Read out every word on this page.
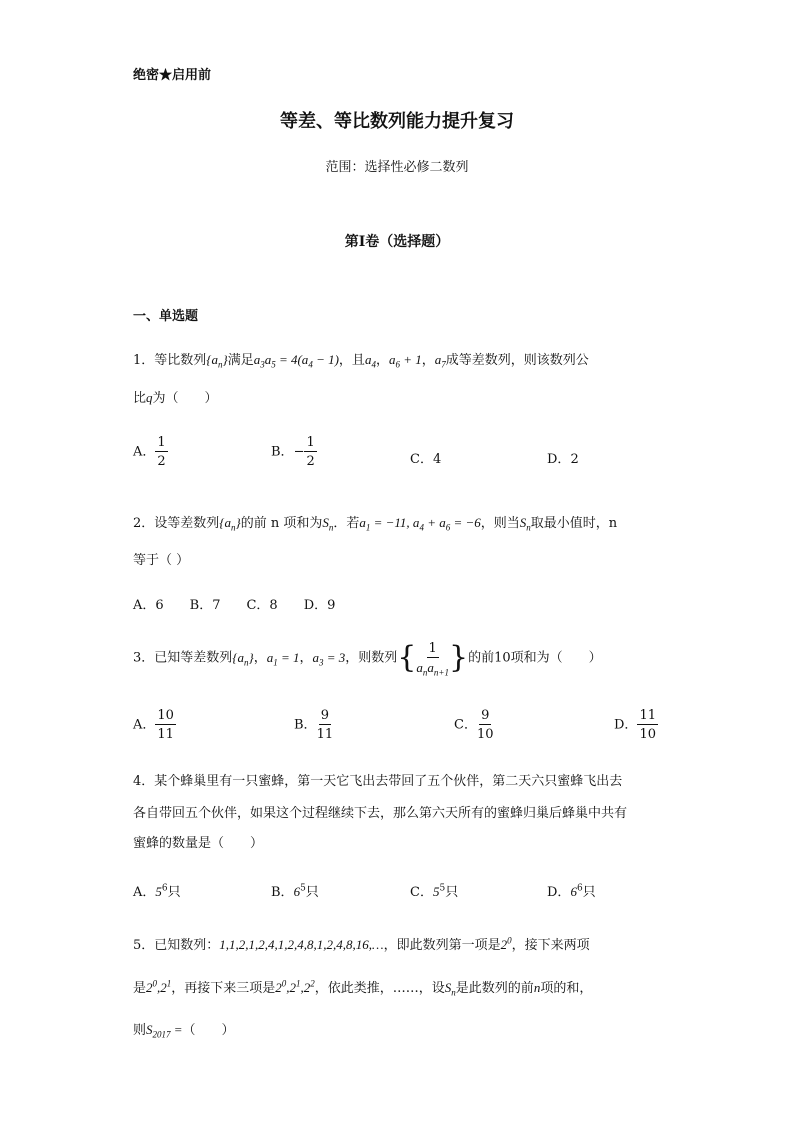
绝密★启用前
等差、等比数列能力提升复习
范围：选择性必修二数列
第I卷（选择题）
一、单选题
1．等比数列$\{a_n\}$满足$a_3a_5 = 4(a_4 - 1)$，且$a_4$，$a_6 + 1$，$a_7$成等差数列，则该数列公
比q为（　　）
A． $\frac{1}{2}$	B．− $\frac{1}{2}$	C．4	D．2
2．设等差数列$\{a_n\}$的前 n 项和为$S_n$．若$a_1 = -11$, $a_4 + a_6 = -6$，则当$S_n$取最小值时，n
等于（ ）
A．6　　B．7　　C．8　　D．9
3．已知等差数列$\{a_n\}$，$a_1 = 1$，$a_3 = 3$，则数列{ $\frac{1}{a_na_{n+1}}$ }的前10项和为（　　）
A． $\frac{10}{11}$	B． $\frac{9}{11}$	C． $\frac{9}{10}$	D． $\frac{11}{10}$
4．某个蜂巢里有一只蜜蜂，第一天它飞出去带回了五个伙伴，第二天六只蜜蜂飞出去
各自带回五个伙伴，如果这个过程继续下去，那么第六天所有的蜜蜂归巢后蜂巢中共有
蜜蜂的数量是（　　）
A．$5^6$只	B．$6^5$只	C．$5^5$只	D．$6^6$只
5．已知数列：1,1,2,1,2,4,1,2,4,8,1,2,4,8,16,…，即此数列第一项是$2^0$，接下来两项
是$2^0,2^1$，再接下来三项是$2^0,2^1,2^2$，依此类推，……，设$S_n$是此数列的前n项的和，
则$S_{2017}$ =（　　）
